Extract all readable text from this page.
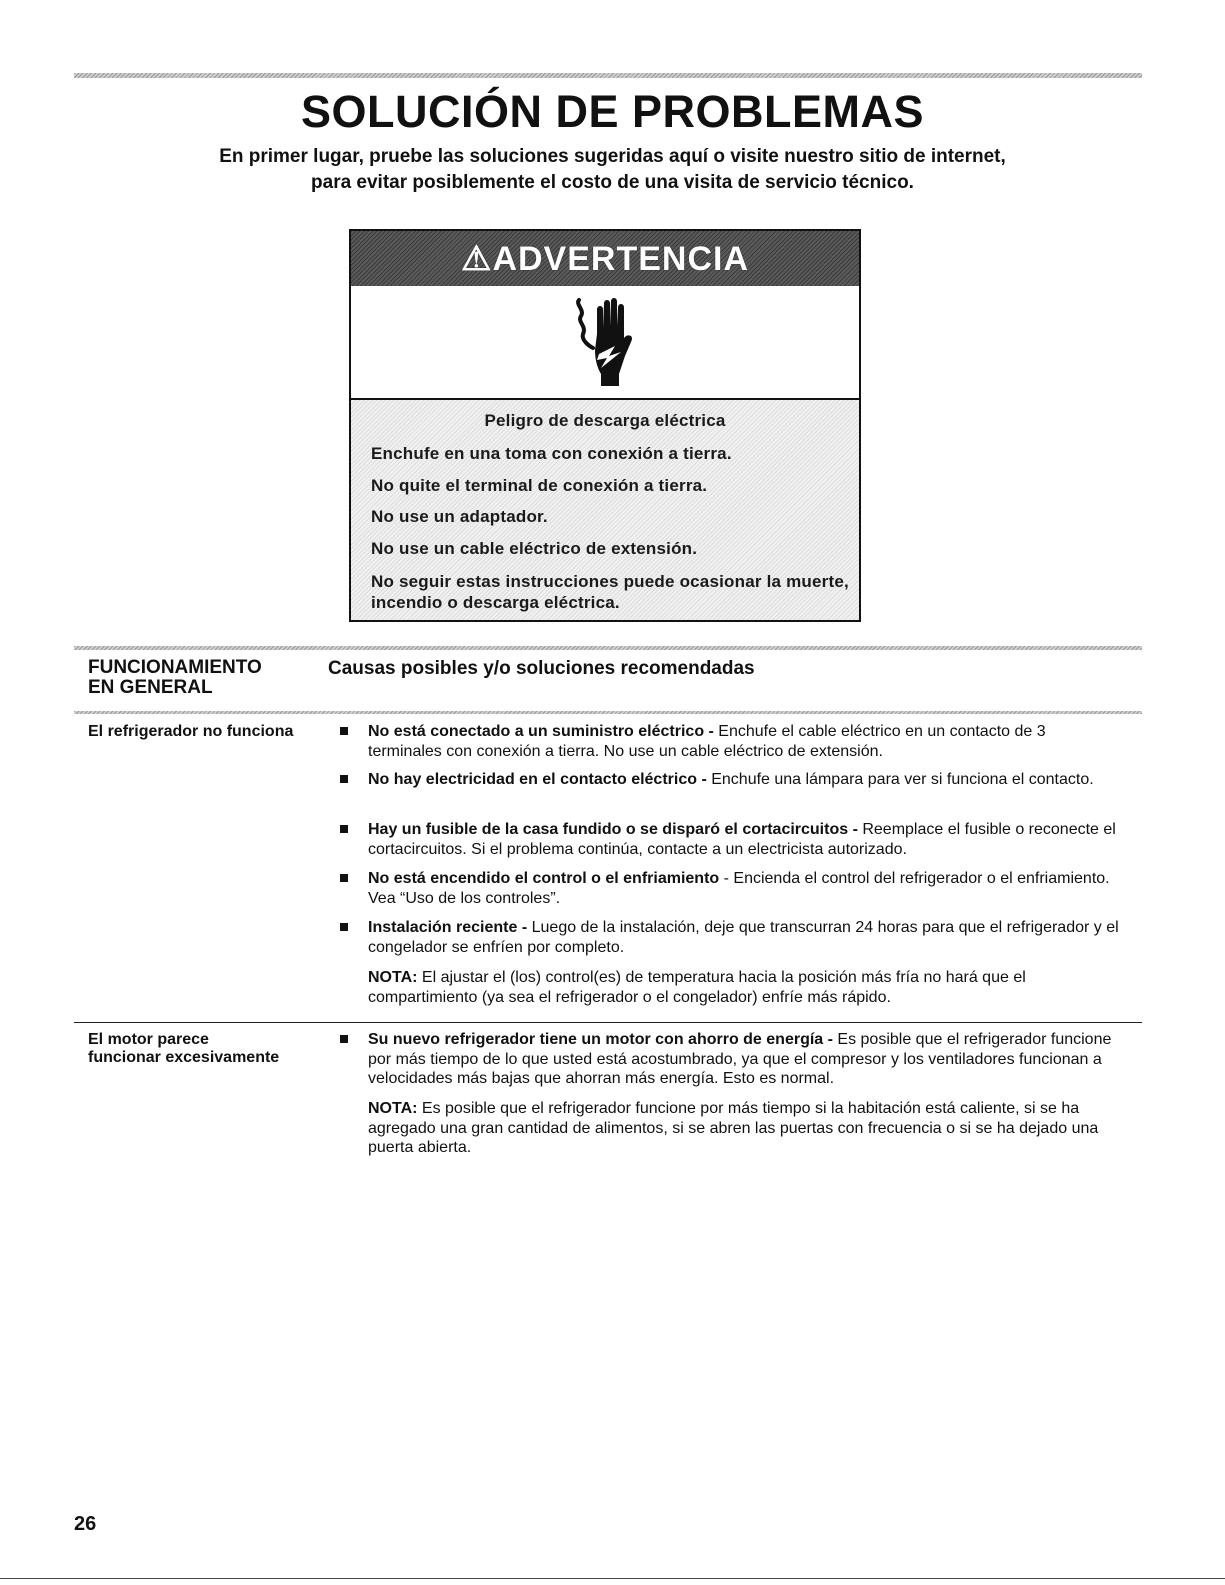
SOLUCIÓN DE PROBLEMAS

En primer lugar, pruebe las soluciones sugeridas aquí o visite nuestro sitio de internet,

para evitar posiblemente el costo de una visita de servicio técnico.

⚠ADVERTENCIA

Peligro de descarga eléctrica

Enchufe en una toma con conexión a tierra.

No quite el terminal de conexión a tierra.

No use un adaptador.

No use un cable eléctrico de extensión.

No seguir estas instrucciones puede ocasionar la muerte, incendio o descarga eléctrica.

FUNCIONAMIENTO
EN GENERAL
Causas posibles y/o soluciones recomendadas

El refrigerador no funciona	No está conectado a un suministro eléctrico - Enchufe el cable eléctrico en un contacto de 3 terminales con conexión a tierra. No use un cable eléctrico de extensión.
No hay electricidad en el contacto eléctrico - Enchufe una lámpara para ver si funciona el contacto.
Hay un fusible de la casa fundido o se disparó el cortacircuitos - Reemplace el fusible o reconecte el cortacircuitos. Si el problema continúa, contacte a un electricista autorizado.
No está encendido el control o el enfriamiento - Encienda el control del refrigerador o el enfriamiento. Vea “Uso de los controles”.
Instalación reciente - Luego de la instalación, deje que transcurran 24 horas para que el refrigerador y el congelador se enfríen por completo.
NOTA: El ajustar el (los) control(es) de temperatura hacia la posición más fría no hará que el compartimiento (ya sea el refrigerador o el congelador) enfríe más rápido.
El motor parece
funcionar excesivamente
Su nuevo refrigerador tiene un motor con ahorro de energía - Es posible que el refrigerador funcione por más tiempo de lo que usted está acostumbrado, ya que el compresor y los ventiladores funcionan a velocidades más bajas que ahorran más energía. Esto es normal.
NOTA: Es posible que el refrigerador funcione por más tiempo si la habitación está caliente, si se ha agregado una gran cantidad de alimentos, si se abren las puertas con frecuencia o si se ha dejado una puerta abierta.

26
